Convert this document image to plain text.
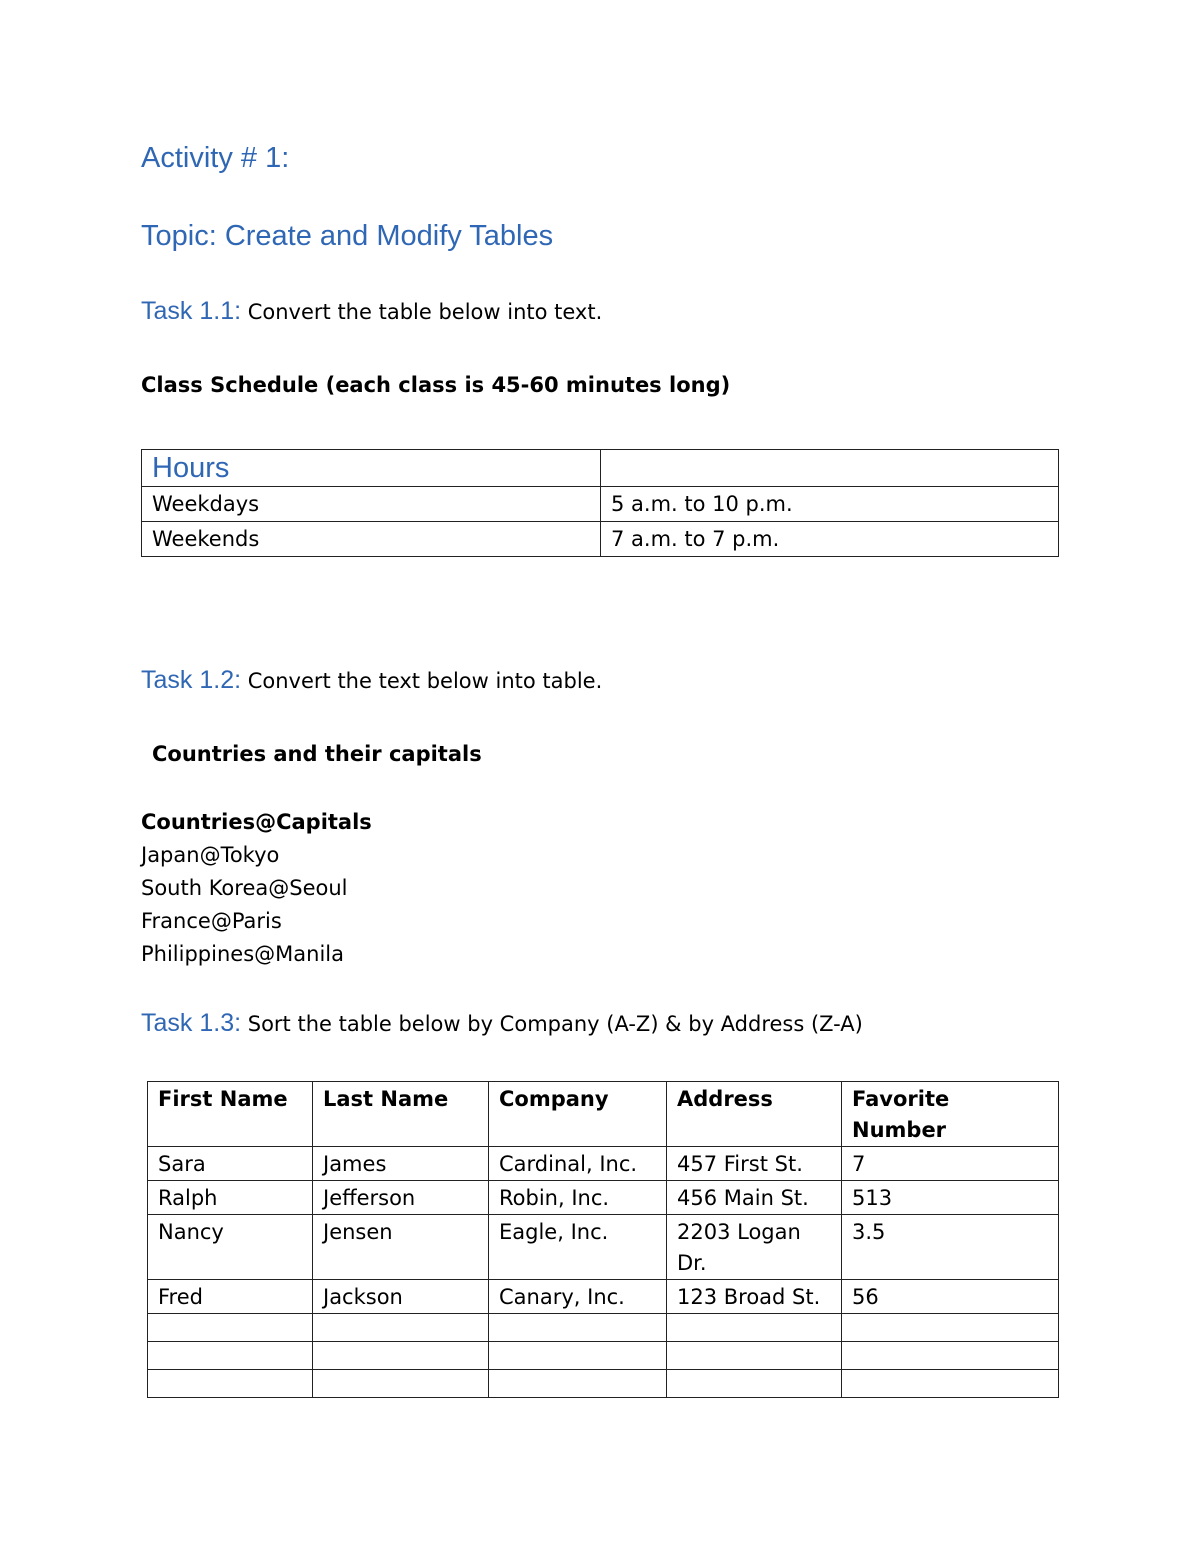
Activity # 1:
Topic: Create and Modify Tables
Task 1.1: Convert the table below into text.
Class Schedule (each class is 45-60 minutes long)
Hours	
Weekdays	5 a.m. to 10 p.m.
Weekends	7 a.m. to 7 p.m.
Task 1.2: Convert the text below into table.
Countries and their capitals
Countries@Capitals
Japan@Tokyo
South Korea@Seoul
France@Paris
Philippines@Manila
Task 1.3: Sort the table below by Company (A-Z) & by Address (Z-A)
First Name	Last Name	Company	Address	Favorite Number
Sara	James	Cardinal, Inc.	457 First St.	7
Ralph	Jefferson	Robin, Inc.	456 Main St.	513
Nancy	Jensen	Eagle, Inc.	2203 Logan Dr.	3.5
Fred	Jackson	Canary, Inc.	123 Broad St.	56
